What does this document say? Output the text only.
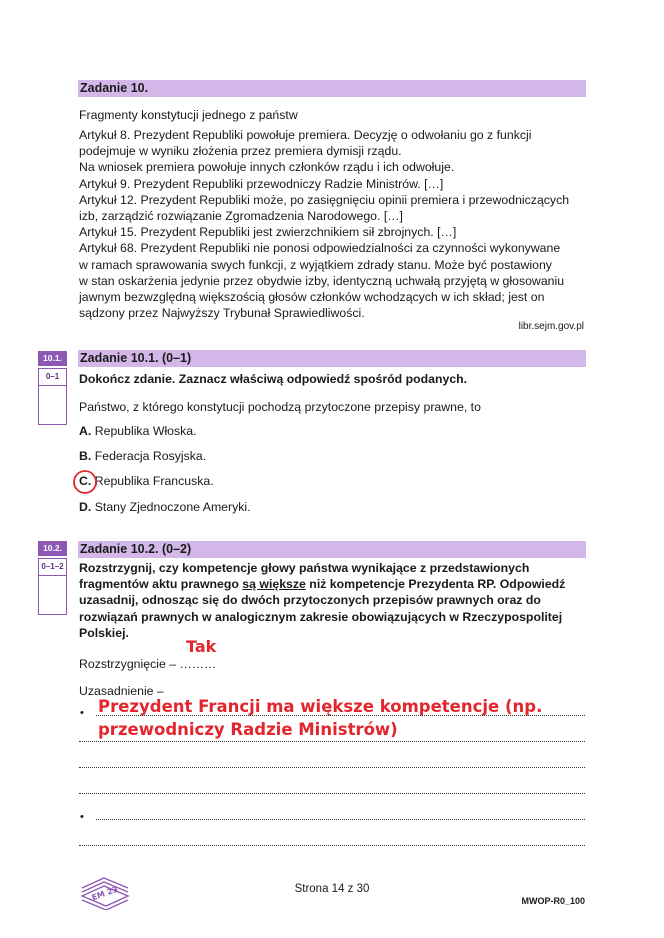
Zadanie 10.
Fragmenty konstytucji jednego z państw
Artykuł 8. Prezydent Republiki powołuje premiera. Decyzję o odwołaniu go z funkcji
podejmuje w wyniku złożenia przez premiera dymisji rządu.
Na wniosek premiera powołuje innych członków rządu i ich odwołuje.
Artykuł 9. Prezydent Republiki przewodniczy Radzie Ministrów. […]
Artykuł 12. Prezydent Republiki może, po zasięgnięciu opinii premiera i przewodniczących
izb, zarządzić rozwiązanie Zgromadzenia Narodowego. […]
Artykuł 15. Prezydent Republiki jest zwierzchnikiem sił zbrojnych. […]
Artykuł 68. Prezydent Republiki nie ponosi odpowiedzialności za czynności wykonywane
w ramach sprawowania swych funkcji, z wyjątkiem zdrady stanu. Może być postawiony
w stan oskarżenia jedynie przez obydwie izby, identyczną uchwałą przyjętą w głosowaniu
jawnym bezwzględną większością głosów członków wchodzących w ich skład; jest on
sądzony przez Najwyższy Trybunał Sprawiedliwości.
libr.sejm.gov.pl
10.1.
0–1
Zadanie 10.1. (0–1)
Dokończ zdanie. Zaznacz właściwą odpowiedź spośród podanych.
Państwo, z którego konstytucji pochodzą przytoczone przepisy prawne, to
A. Republika Włoska.
B. Federacja Rosyjska.
C. Republika Francuska.
D. Stany Zjednoczone Ameryki.
10.2.
0–1–2
Zadanie 10.2. (0–2)
Rozstrzygnij, czy kompetencje głowy państwa wynikające z przedstawionych
fragmentów aktu prawnego są większe niż kompetencje Prezydenta RP. Odpowiedź
uzasadnij, odnosząc się do dwóch przytoczonych przepisów prawnych oraz do
rozwiązań prawnych w analogicznym zakresie obowiązujących w Rzeczypospolitej
Polskiej.
Tak
Rozstrzygnięcie – ………
Uzasadnienie –
Prezydent Francji ma większe kompetencje (np.
przewodniczy Radzie Ministrów)
•
•
EM 23	Strona 14 z 30
MWOP-R0_100
